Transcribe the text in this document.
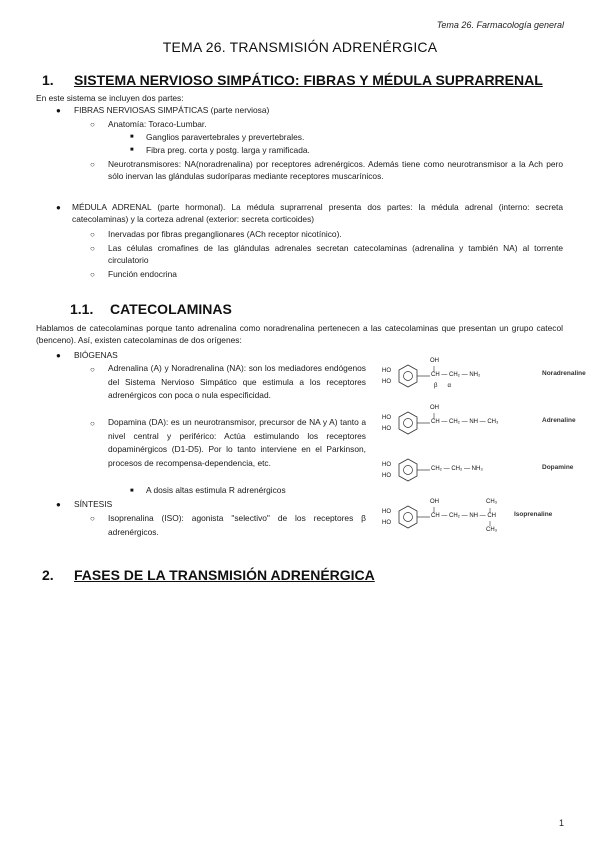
Tema 26. Farmacología general
TEMA 26. TRANSMISIÓN ADRENÉRGICA
1. SISTEMA NERVIOSO SIMPÁTICO: FIBRAS Y MÉDULA SUPRARRENAL
En este sistema se incluyen dos partes:
● FIBRAS NERVIOSAS SIMPÁTICAS (parte nerviosa)
○ Anatomía: Toraco-Lumbar.
■ Ganglios paravertebrales y prevertebrales.
■ Fibra preg. corta y postg. larga y ramificada.
○ Neurotransmisores: NA(noradrenalina) por receptores adrenérgicos. Además tiene como neurotransmisor a la Ach pero sólo inervan las glándulas sudoríparas mediante receptores muscarínicos.
● MÉDULA ADRENAL (parte hormonal). La médula suprarrenal presenta dos partes: la médula adrenal (interno: secreta catecolaminas) y la corteza adrenal (exterior: secreta corticoides)
○ Inervadas por fibras preganglionares (ACh receptor nicotínico).
○ Las células cromafines de las glándulas adrenales secretan catecolaminas (adrenalina y también NA) al torrente circulatorio
○ Función endocrina
1.1. CATECOLAMINAS
Hablamos de catecolaminas porque tanto adrenalina como noradrenalina pertenecen a las catecolaminas que presentan un grupo catecol (benceno). Así, existen catecolaminas de dos orígenes:
● BIÓGENAS
○ Adrenalina (A) y Noradrenalina (NA): son los mediadores endógenos del Sistema Nervioso Simpático que estimula a los receptores adrenérgicos con poca o nula especificidad.
○ Dopamina (DA): es un neurotransmisor, precursor de NA y A) tanto a nivel central y periférico: Actúa estimulando los receptores dopaminérgicos (D1-D5). Por lo tanto interviene en el Parkinson, procesos de recompensa-dependencia, etc.
■ A dosis altas estimula R adrenérgicos
● SÍNTESIS
○ Isoprenalina (ISO): agonista "selectivo" de los receptores β adrenérgicos.
HO
HO
OH
CH — CH₂ — NH₂
β      α
Noradrenaline
HO
HO
OH
CH — CH₂ — NH — CH₃	Adrenaline
HO
HO
CH₂ — CH₂ — NH₃	Dopamine
HO
HO
OH
CH — CH₂ — NH — CH
CH₃
CH₃
Isoprenaline
2. FASES DE LA TRANSMISIÓN ADRENÉRGICA
1
